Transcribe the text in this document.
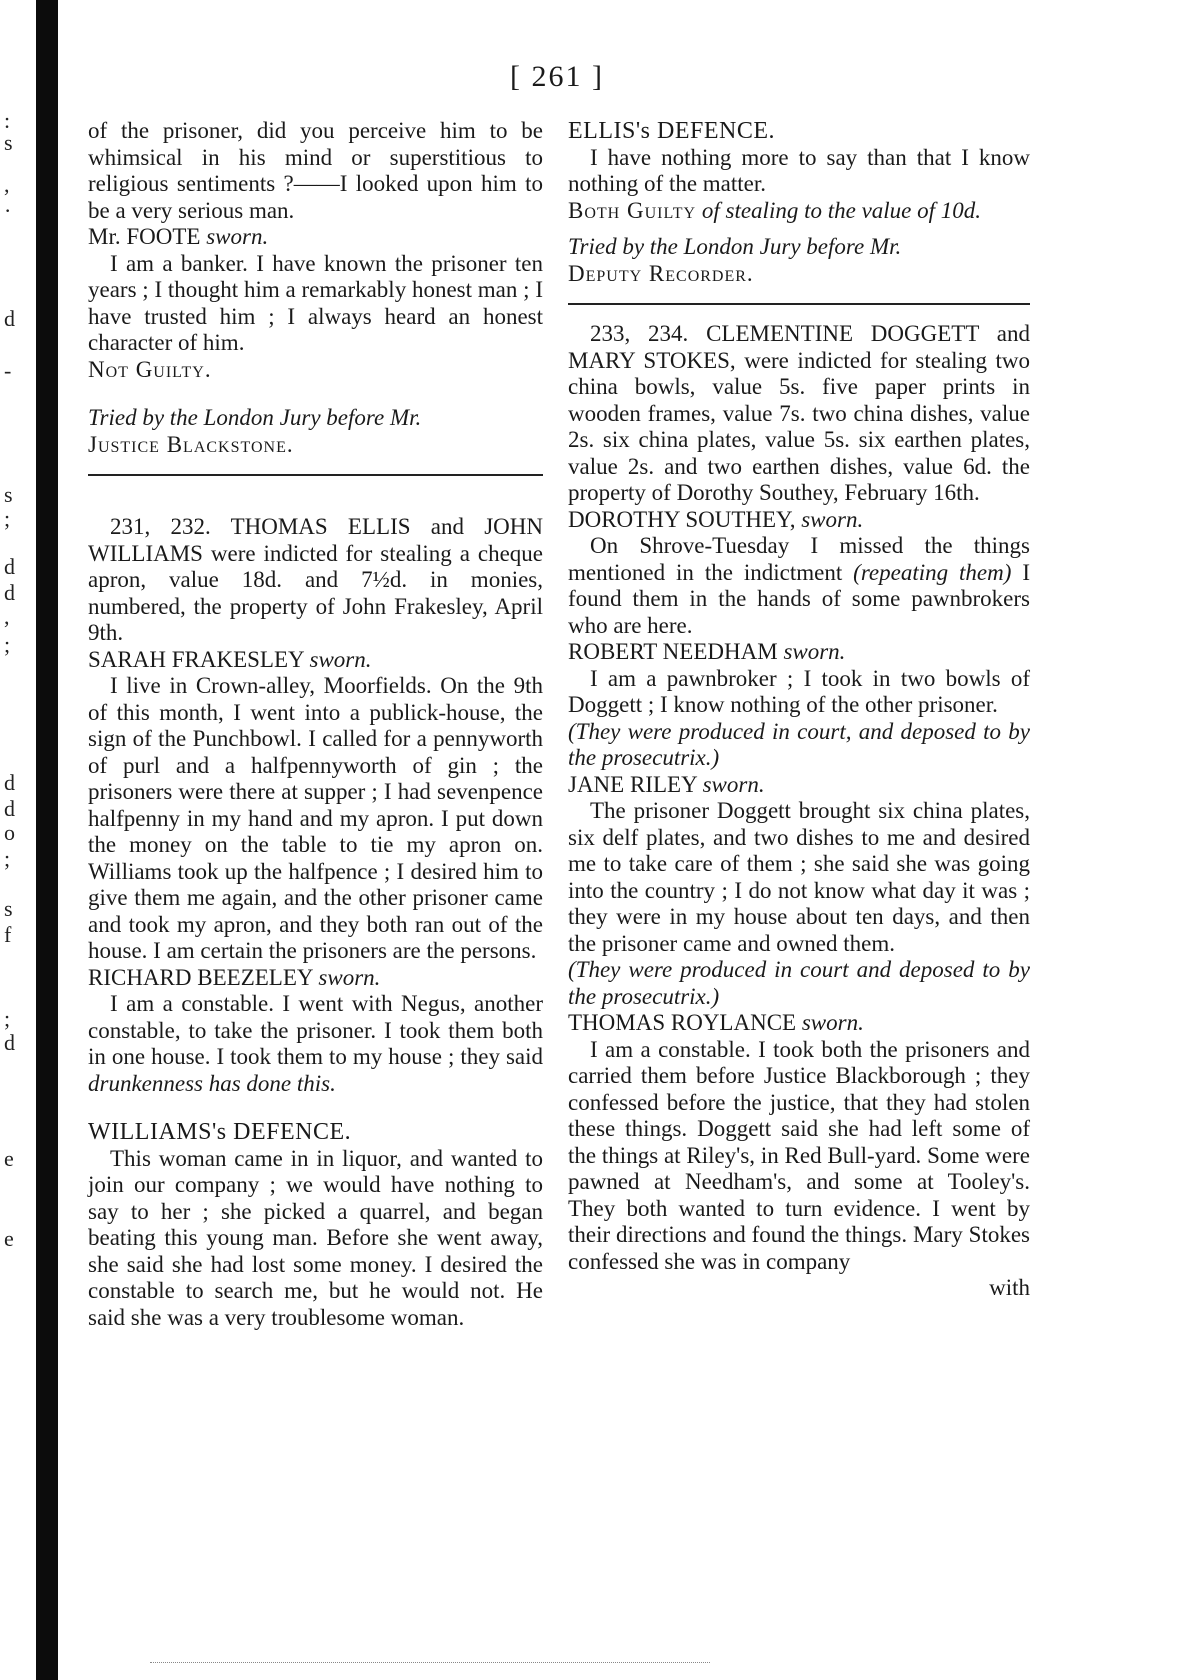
:
s
,
·
d
-
s
;
d
d
,
;
d
d
o
;
s
f
;
d
e
e
[ 261 ]

of the prisoner, did you perceive him to be whimsical in his mind or superstitious to religious sentiments ?——I looked upon him to be a very serious man.

Mr. FOOTE sworn.

I am a banker. I have known the prisoner ten years ; I thought him a remarkably honest man ; I have trusted him ; I always heard an honest character of him.

Not Guilty.

Tried by the London Jury before Mr.

Justice Blackstone.

231, 232. THOMAS ELLIS and JOHN WILLIAMS were indicted for stealing a cheque apron, value 18d. and 7½d. in monies, numbered, the property of John Frakesley, April 9th.

SARAH FRAKESLEY sworn.

I live in Crown-alley, Moorfields. On the 9th of this month, I went into a publick-house, the sign of the Punchbowl. I called for a pennyworth of purl and a halfpennyworth of gin ; the prisoners were there at supper ; I had sevenpence halfpenny in my hand and my apron. I put down the money on the table to tie my apron on. Williams took up the halfpence ; I desired him to give them me again, and the other prisoner came and took my apron, and they both ran out of the house. I am certain the prisoners are the persons.

RICHARD BEEZELEY sworn.

I am a constable. I went with Negus, another constable, to take the prisoner. I took them both in one house. I took them to my house ; they said drunkenness has done this.

WILLIAMS's DEFENCE.

This woman came in in liquor, and wanted to join our company ; we would have nothing to say to her ; she picked a quarrel, and began beating this young man. Before she went away, she said she had lost some money. I desired the constable to search me, but he would not. He said she was a very troublesome woman.

ELLIS's DEFENCE.

I have nothing more to say than that I know nothing of the matter.

Both Guilty of stealing to the value of 10d.

Tried by the London Jury before Mr.

Deputy Recorder.

233, 234. CLEMENTINE DOGGETT and MARY STOKES, were indicted for stealing two china bowls, value 5s. five paper prints in wooden frames, value 7s. two china dishes, value 2s. six china plates, value 5s. six earthen plates, value 2s. and two earthen dishes, value 6d. the property of Dorothy Southey, February 16th.

DOROTHY SOUTHEY, sworn.

On Shrove-Tuesday I missed the things mentioned in the indictment (repeating them) I found them in the hands of some pawnbrokers who are here.

ROBERT NEEDHAM sworn.

I am a pawnbroker ; I took in two bowls of Doggett ; I know nothing of the other prisoner.

(They were produced in court, and deposed to by the prosecutrix.)

JANE RILEY sworn.

The prisoner Doggett brought six china plates, six delf plates, and two dishes to me and desired me to take care of them ; she said she was going into the country ; I do not know what day it was ; they were in my house about ten days, and then the prisoner came and owned them.

(They were produced in court and deposed to by the prosecutrix.)

THOMAS ROYLANCE sworn.

I am a constable. I took both the prisoners and carried them before Justice Blackborough ; they confessed before the justice, that they had stolen these things. Doggett said she had left some of the things at Riley's, in Red Bull-yard. Some were pawned at Needham's, and some at Tooley's. They both wanted to turn evidence. I went by their directions and found the things. Mary Stokes confessed she was in company

with
